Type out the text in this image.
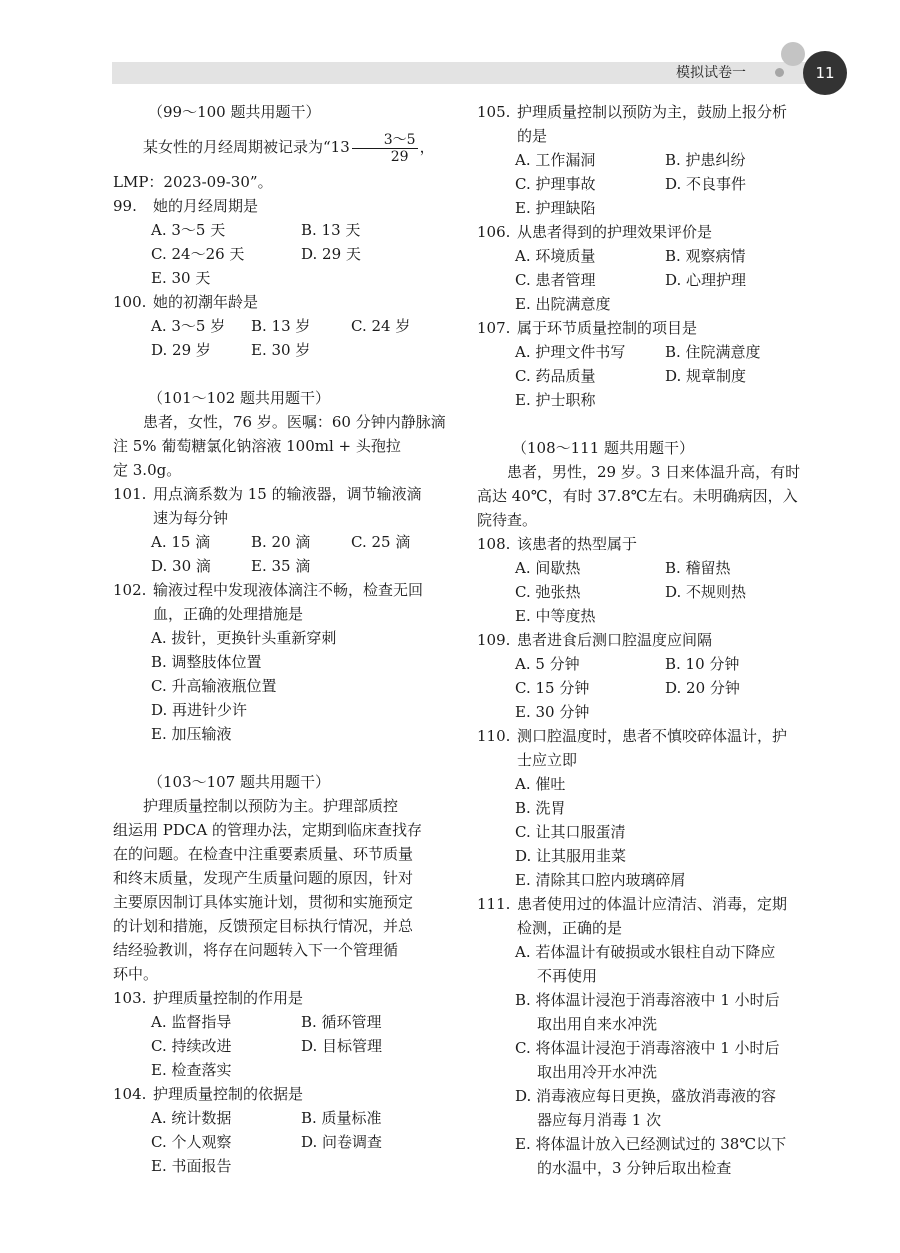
模拟试卷一	11
（99～100 题共用题干）
某女性的月经周期被记录为“$13 \frac{3\sim 5}{29}$ ，
LMP：2023-09-30”。
99. 她的月经周期是
A. 3～5 天	B. 13 天
C. 24～26 天	D. 29 天
E. 30 天
100. 她的初潮年龄是
A. 3～5 岁 B. 13 岁	C. 24 岁
D. 29 岁	E. 30 岁
（101～102 题共用题干）
患者，女性，76 岁。医嘱：60 分钟内静脉滴
注 5% 葡萄糖氯化钠溶液 100ml + 头孢拉
定 3.0g。
101. 用点滴系数为 15 的输液器，调节输液滴
速为每分钟
A. 15 滴	B. 20 滴	C. 25 滴
D. 30 滴	E. 35 滴
102. 输液过程中发现液体滴注不畅，检查无回
血，正确的处理措施是
A. 拔针，更换针头重新穿刺
B. 调整肢体位置
C. 升高输液瓶位置
D. 再进针少许
E. 加压输液
（103～107 题共用题干）
护理质量控制以预防为主。护理部质控
组运用 PDCA 的管理办法，定期到临床查找存
在的问题。在检查中注重要素质量、环节质量
和终末质量，发现产生质量问题的原因，针对
主要原因制订具体实施计划，贯彻和实施预定
的计划和措施，反馈预定目标执行情况，并总
结经验教训，将存在问题转入下一个管理循
环中。
103. 护理质量控制的作用是
A. 监督指导	B. 循环管理
C. 持续改进	D. 目标管理
E. 检查落实
104. 护理质量控制的依据是
A. 统计数据	B. 质量标准
C. 个人观察	D. 问卷调查
E. 书面报告
105. 护理质量控制以预防为主，鼓励上报分析
的是
A. 工作漏洞	B. 护患纠纷
C. 护理事故	D. 不良事件
E. 护理缺陷
106. 从患者得到的护理效果评价是
A. 环境质量	B. 观察病情
C. 患者管理	D. 心理护理
E. 出院满意度
107. 属于环节质量控制的项目是
A. 护理文件书写	B. 住院满意度
C. 药品质量	D. 规章制度
E. 护士职称
（108～111 题共用题干）
患者，男性，29 岁。3 日来体温升高，有时
高达 40℃，有时 37.8℃左右。未明确病因，入
院待查。
108. 该患者的热型属于
A. 间歇热	B. 稽留热
C. 弛张热	D. 不规则热
E. 中等度热
109. 患者进食后测口腔温度应间隔
A. 5 分钟	B. 10 分钟
C. 15 分钟	D. 20 分钟
E. 30 分钟
110. 测口腔温度时，患者不慎咬碎体温计，护
士应立即
A. 催吐
B. 洗胃
C. 让其口服蛋清
D. 让其服用韭菜
E. 清除其口腔内玻璃碎屑
111. 患者使用过的体温计应清洁、消毒，定期
检测，正确的是
A. 若体温计有破损或水银柱自动下降应
不再使用
B. 将体温计浸泡于消毒溶液中 1 小时后
取出用自来水冲洗
C. 将体温计浸泡于消毒溶液中 1 小时后
取出用冷开水冲洗
D. 消毒液应每日更换，盛放消毒液的容
器应每月消毒 1 次
E. 将体温计放入已经测试过的 38℃以下
的水温中，3 分钟后取出检查
